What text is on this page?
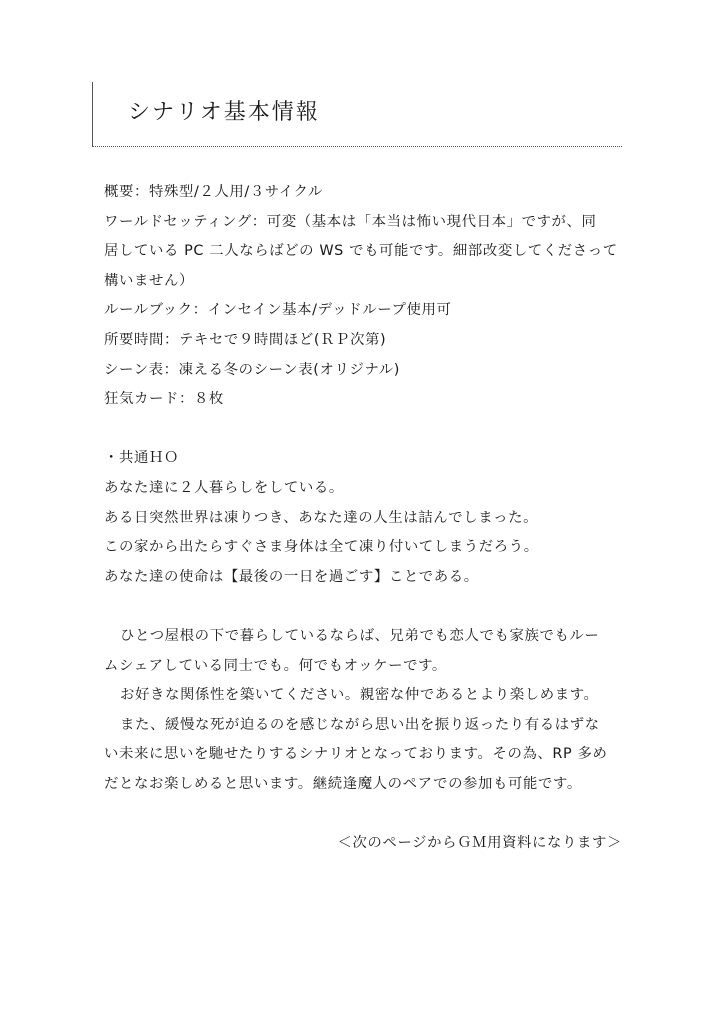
シナリオ基本情報
概要：特殊型/２人用/３サイクル
ワールドセッティング：可変（基本は「本当は怖い現代日本」ですが、同
居している PC 二人ならばどの WS でも可能です。細部改変してくださって
構いません）
ルールブック：インセイン基本/デッドループ使用可
所要時間：テキセで９時間ほど(ＲＰ次第)
シーン表：凍える冬のシーン表(オリジナル)
狂気カード：８枚
・共通ＨＯ
あなた達に２人暮らしをしている。
ある日突然世界は凍りつき、あなた達の人生は詰んでしまった。
この家から出たらすぐさま身体は全て凍り付いてしまうだろう。
あなた達の使命は【最後の一日を過ごす】ことである。
ひとつ屋根の下で暮らしているならば、兄弟でも恋人でも家族でもルー
ムシェアしている同士でも。何でもオッケーです。
お好きな関係性を築いてください。親密な仲であるとより楽しめます。
また、緩慢な死が迫るのを感じながら思い出を振り返ったり有るはずな
い未来に思いを馳せたりするシナリオとなっております。その為、RP 多め
だとなお楽しめると思います。継続逢魔人のペアでの参加も可能です。
＜次のページからＧＭ用資料になります＞
